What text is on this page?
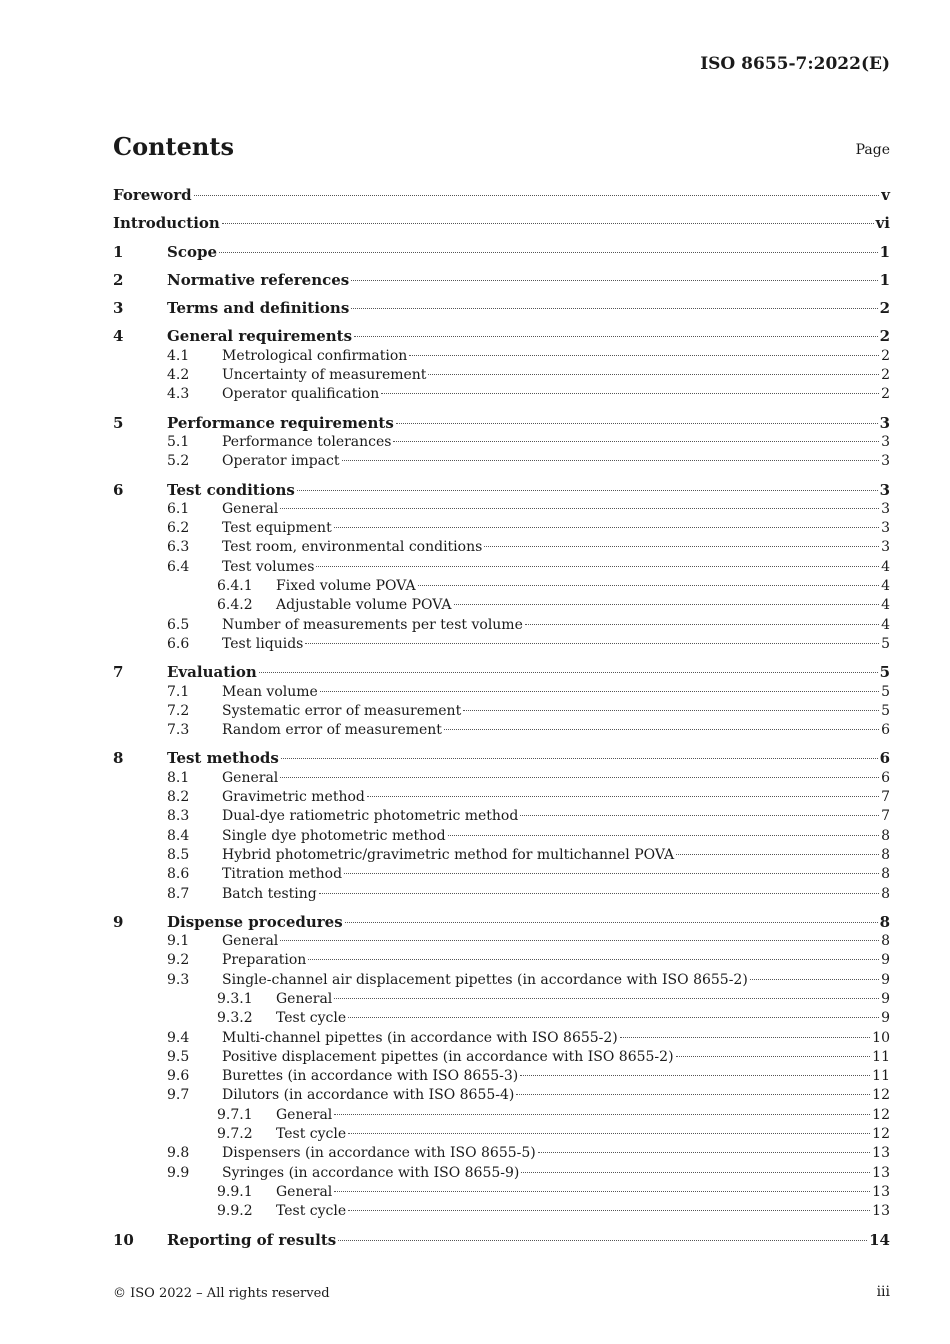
ISO 8655-7:2022(E)
Contents	Page
Foreword	v
Introduction	vi
1	Scope	1
2	Normative references	1
3	Terms and definitions	2
4	General requirements	2
4.1	Metrological confirmation	2
4.2	Uncertainty of measurement	2
4.3	Operator qualification	2
5	Performance requirements	3
5.1	Performance tolerances	3
5.2	Operator impact	3
6	Test conditions	3
6.1	General	3
6.2	Test equipment	3
6.3	Test room, environmental conditions	3
6.4	Test volumes	4
6.4.1	Fixed volume POVA	4
6.4.2	Adjustable volume POVA	4
6.5	Number of measurements per test volume	4
6.6	Test liquids	5
7	Evaluation	5
7.1	Mean volume	5
7.2	Systematic error of measurement	5
7.3	Random error of measurement	6
8	Test methods	6
8.1	General	6
8.2	Gravimetric method	7
8.3	Dual-dye ratiometric photometric method	7
8.4	Single dye photometric method	8
8.5	Hybrid photometric/gravimetric method for multichannel POVA	8
8.6	Titration method	8
8.7	Batch testing	8
9	Dispense procedures	8
9.1	General	8
9.2	Preparation	9
9.3	Single-channel air displacement pipettes (in accordance with ISO 8655-2)	9
9.3.1	General	9
9.3.2	Test cycle	9
9.4	Multi-channel pipettes (in accordance with ISO 8655-2)	10
9.5	Positive displacement pipettes (in accordance with ISO 8655-2)	11
9.6	Burettes (in accordance with ISO 8655-3)	11
9.7	Dilutors (in accordance with ISO 8655-4)	12
9.7.1	General	12
9.7.2	Test cycle	12
9.8	Dispensers (in accordance with ISO 8655-5)	13
9.9	Syringes (in accordance with ISO 8655-9)	13
9.9.1	General	13
9.9.2	Test cycle	13
10	Reporting of results	14
© ISO 2022 – All rights reserved	iii
